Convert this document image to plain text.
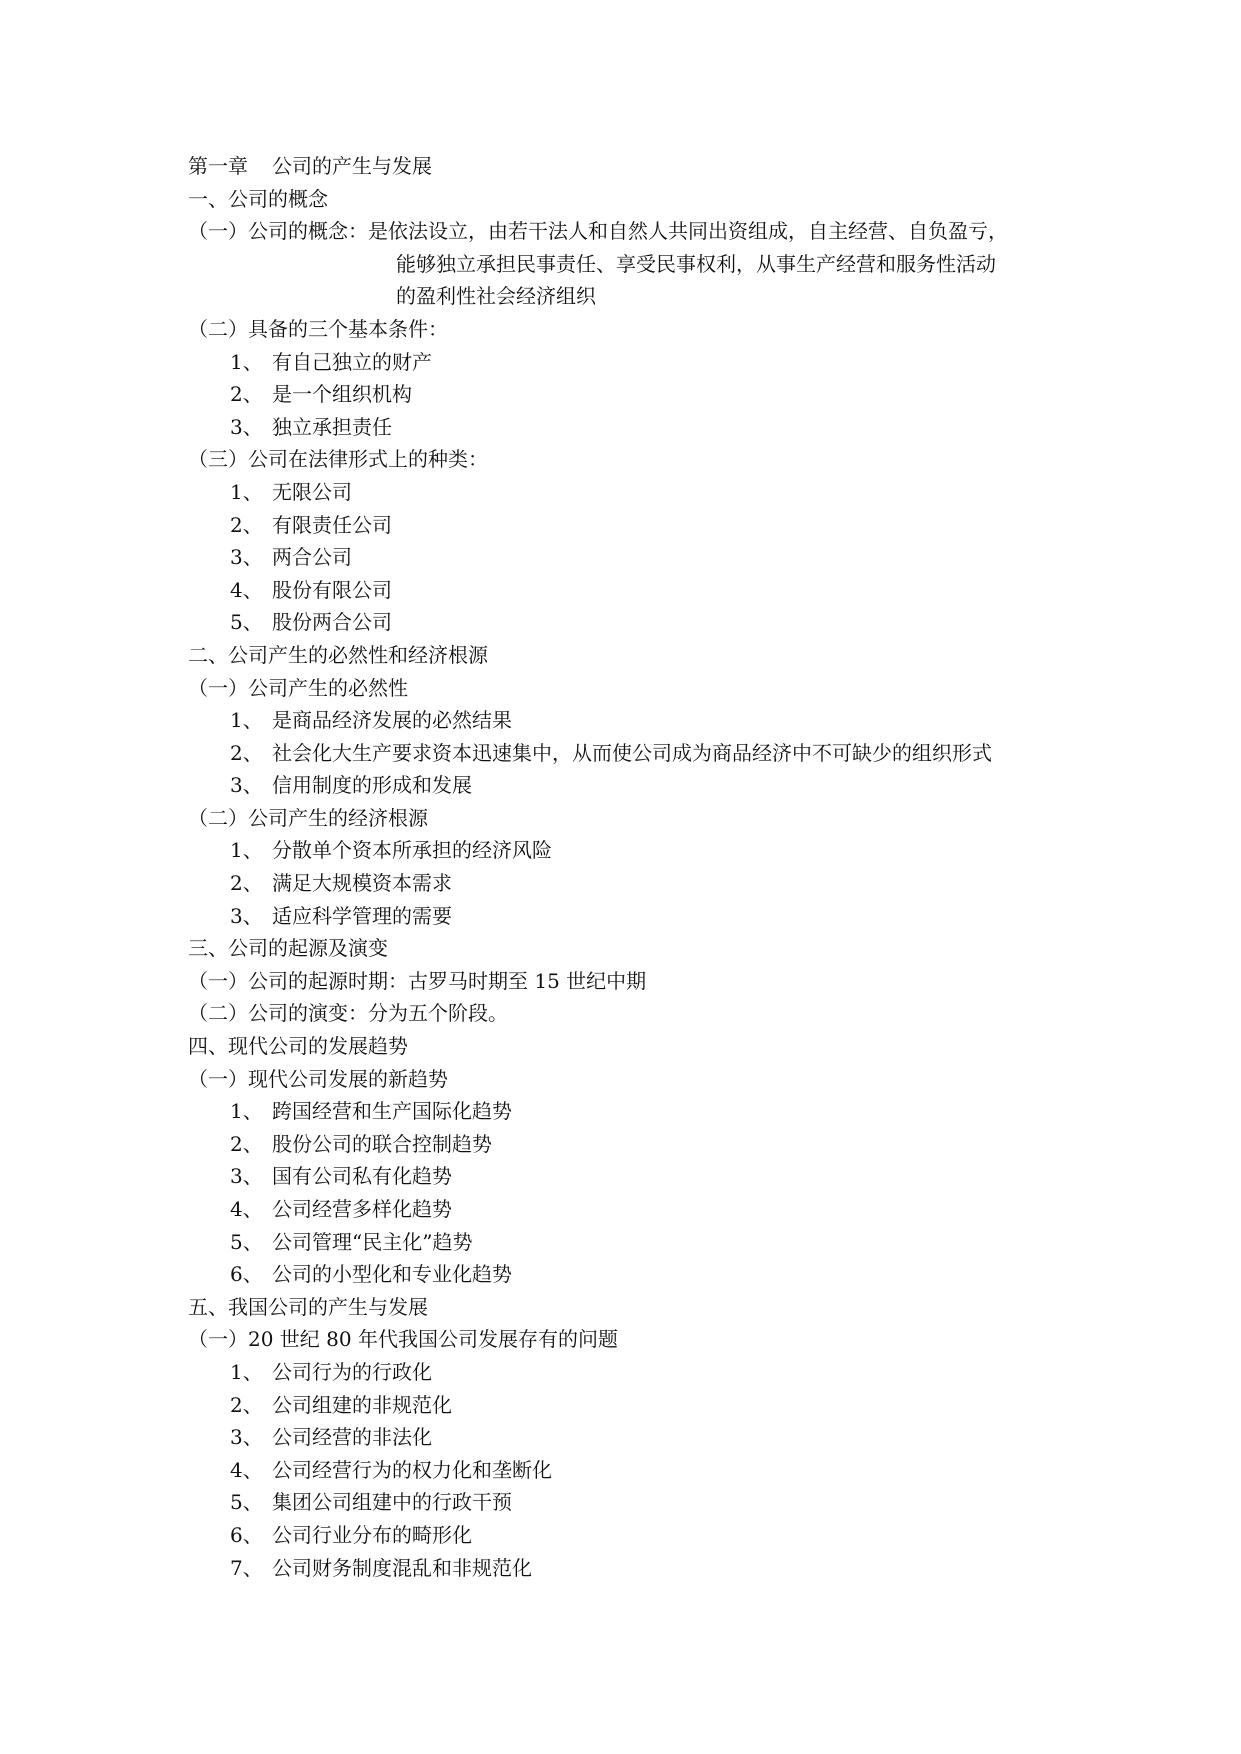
第一章 公司的产生与发展
一、公司的概念
（一）公司的概念：是依法设立，由若干法人和自然人共同出资组成，自主经营、自负盈亏，
能够独立承担民事责任、享受民事权利，从事生产经营和服务性活动
的盈利性社会经济组织
（二）具备的三个基本条件：
1、 有自己独立的财产
2、 是一个组织机构
3、 独立承担责任
（三）公司在法律形式上的种类：
1、 无限公司
2、 有限责任公司
3、 两合公司
4、 股份有限公司
5、 股份两合公司
二、公司产生的必然性和经济根源
（一）公司产生的必然性
1、 是商品经济发展的必然结果
2、 社会化大生产要求资本迅速集中，从而使公司成为商品经济中不可缺少的组织形式
3、 信用制度的形成和发展
（二）公司产生的经济根源
1、 分散单个资本所承担的经济风险
2、 满足大规模资本需求
3、 适应科学管理的需要
三、公司的起源及演变
（一）公司的起源时期：古罗马时期至 15 世纪中期
（二）公司的演变：分为五个阶段。
四、现代公司的发展趋势
（一）现代公司发展的新趋势
1、 跨国经营和生产国际化趋势
2、 股份公司的联合控制趋势
3、 国有公司私有化趋势
4、 公司经营多样化趋势
5、 公司管理“民主化”趋势
6、 公司的小型化和专业化趋势
五、我国公司的产生与发展
（一）20 世纪 80 年代我国公司发展存有的问题
1、 公司行为的行政化
2、 公司组建的非规范化
3、 公司经营的非法化
4、 公司经营行为的权力化和垄断化
5、 集团公司组建中的行政干预
6、 公司行业分布的畸形化
7、 公司财务制度混乱和非规范化
